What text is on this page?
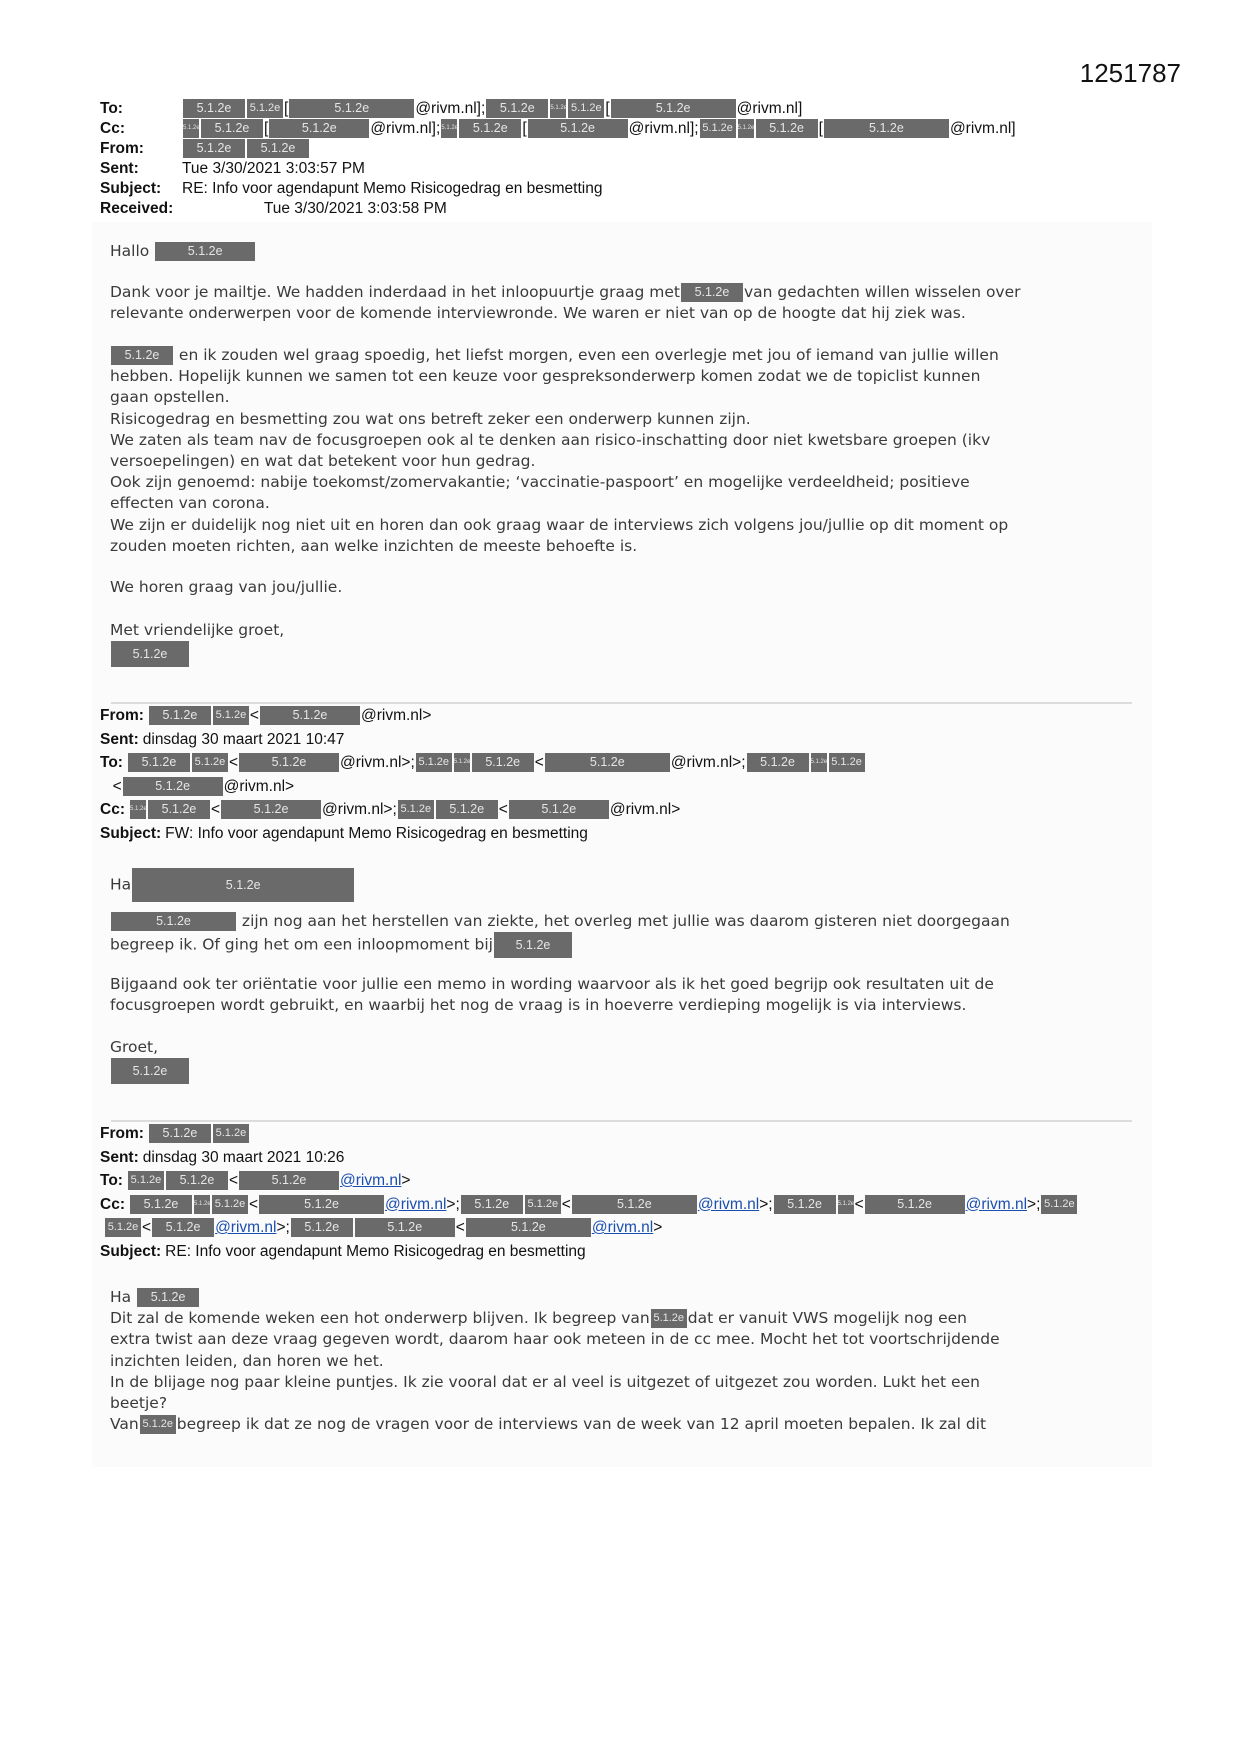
1251787
To:	5.1.2e 5.1.2e [	5.1.2e	@rivm.nl]; 5.1.2e	5.1.2e 5.1.2e [	5.1.2e	@rivm.nl]
Cc:	5.1.2e 5.1.2e [	5.1.2e @rivm.nl];5.1.2e 5.1.2e [	5.1.2e @rivm.nl]; 5.1.2e 5.1.2e 5.1.2e [	5.1.2e	@rivm.nl]
From:	5.1.2e 5.1.2e
Sent:	Tue 3/30/2021 3:03:57 PM
Subject: RE: Info voor agendapunt Memo Risicogedrag en besmetting
Received:                   Tue 3/30/2021 3:03:58 PM
Hallo	5.1.2e
Dank voor je mailtje. We hadden inderdaad in het inloopuurtje graag met 5.1.2e van gedachten willen wisselen over
relevante onderwerpen voor de komende interviewronde. We waren er niet van op de hoogte dat hij ziek was.
5.1.2e en ik zouden wel graag spoedig, het liefst morgen, even een overlegje met jou of iemand van jullie willen
hebben. Hopelijk kunnen we samen tot een keuze voor gespreksonderwerp komen zodat we de topiclist kunnen
gaan opstellen.
Risicogedrag en besmetting zou wat ons betreft zeker een onderwerp kunnen zijn.
We zaten als team nav de focusgroepen ook al te denken aan risico-inschatting door niet kwetsbare groepen (ikv
versoepelingen) en wat dat betekent voor hun gedrag.
Ook zijn genoemd: nabije toekomst/zomervakantie; ‘vaccinatie-paspoort’ en mogelijke verdeeldheid; positieve
effecten van corona.
We zijn er duidelijk nog niet uit en horen dan ook graag waar de interviews zich volgens jou/jullie op dit moment op
zouden moeten richten, aan welke inzichten de meeste behoefte is.
We horen graag van jou/jullie.
Met vriendelijke groet,
5.1.2e
From: 5.1.2e 5.1.2e <	5.1.2e @rivm.nl>
Sent: dinsdag 30 maart 2021 10:47
To: 5.1.2e 5.1.2e <	5.1.2e @rivm.nl>; 5.1.2e 5.1.2e 5.1.2e <	5.1.2e	@rivm.nl>; 5.1.2e	5.1.2e 5.1.2e
<	5.1.2e @rivm.nl>
Cc: 5.1.2e 5.1.2e <	5.1.2e @rivm.nl>; 5.1.2e 5.1.2e <	5.1.2e @rivm.nl>
Subject: FW: Info voor agendapunt Memo Risicogedrag en besmetting
Ha	5.1.2e
5.1.2e	zijn nog aan het herstellen van ziekte, het overleg met jullie was daarom gisteren niet doorgegaan
begreep ik. Of ging het om een inloopmoment bij 5.1.2e
Bijgaand ook ter oriëntatie voor jullie een memo in wording waarvoor als ik het goed begrijp ook resultaten uit de
focusgroepen wordt gebruikt, en waarbij het nog de vraag is in hoeverre verdieping mogelijk is via interviews.
Groet,
5.1.2e
From: 5.1.2e 5.1.2e
Sent: dinsdag 30 maart 2021 10:26
To: 5.1.2e 5.1.2e <	5.1.2e @rivm.nl>
Cc: 5.1.2e	5.1.2e 5.1.2e <	5.1.2e	@rivm.nl>; 5.1.2e 5.1.2e <	5.1.2e	@rivm.nl>; 5.1.2e	5.1.2e<	5.1.2e @rivm.nl>; 5.1.2e
5.1.2e < 5.1.2e @rivm.nl>; 5.1.2e	5.1.2e <	5.1.2e	@rivm.nl>
Subject: RE: Info voor agendapunt Memo Risicogedrag en besmetting
Ha 5.1.2e
Dit zal de komende weken een hot onderwerp blijven. Ik begreep van 5.1.2e dat er vanuit VWS mogelijk nog een
extra twist aan deze vraag gegeven wordt, daarom haar ook meteen in de cc mee. Mocht het tot voortschrijdende
inzichten leiden, dan horen we het.
In de blijage nog paar kleine puntjes. Ik zie vooral dat er al veel is uitgezet of uitgezet zou worden. Lukt het een
beetje?
Van 5.1.2e begreep ik dat ze nog de vragen voor de interviews van de week van 12 april moeten bepalen. Ik zal dit
